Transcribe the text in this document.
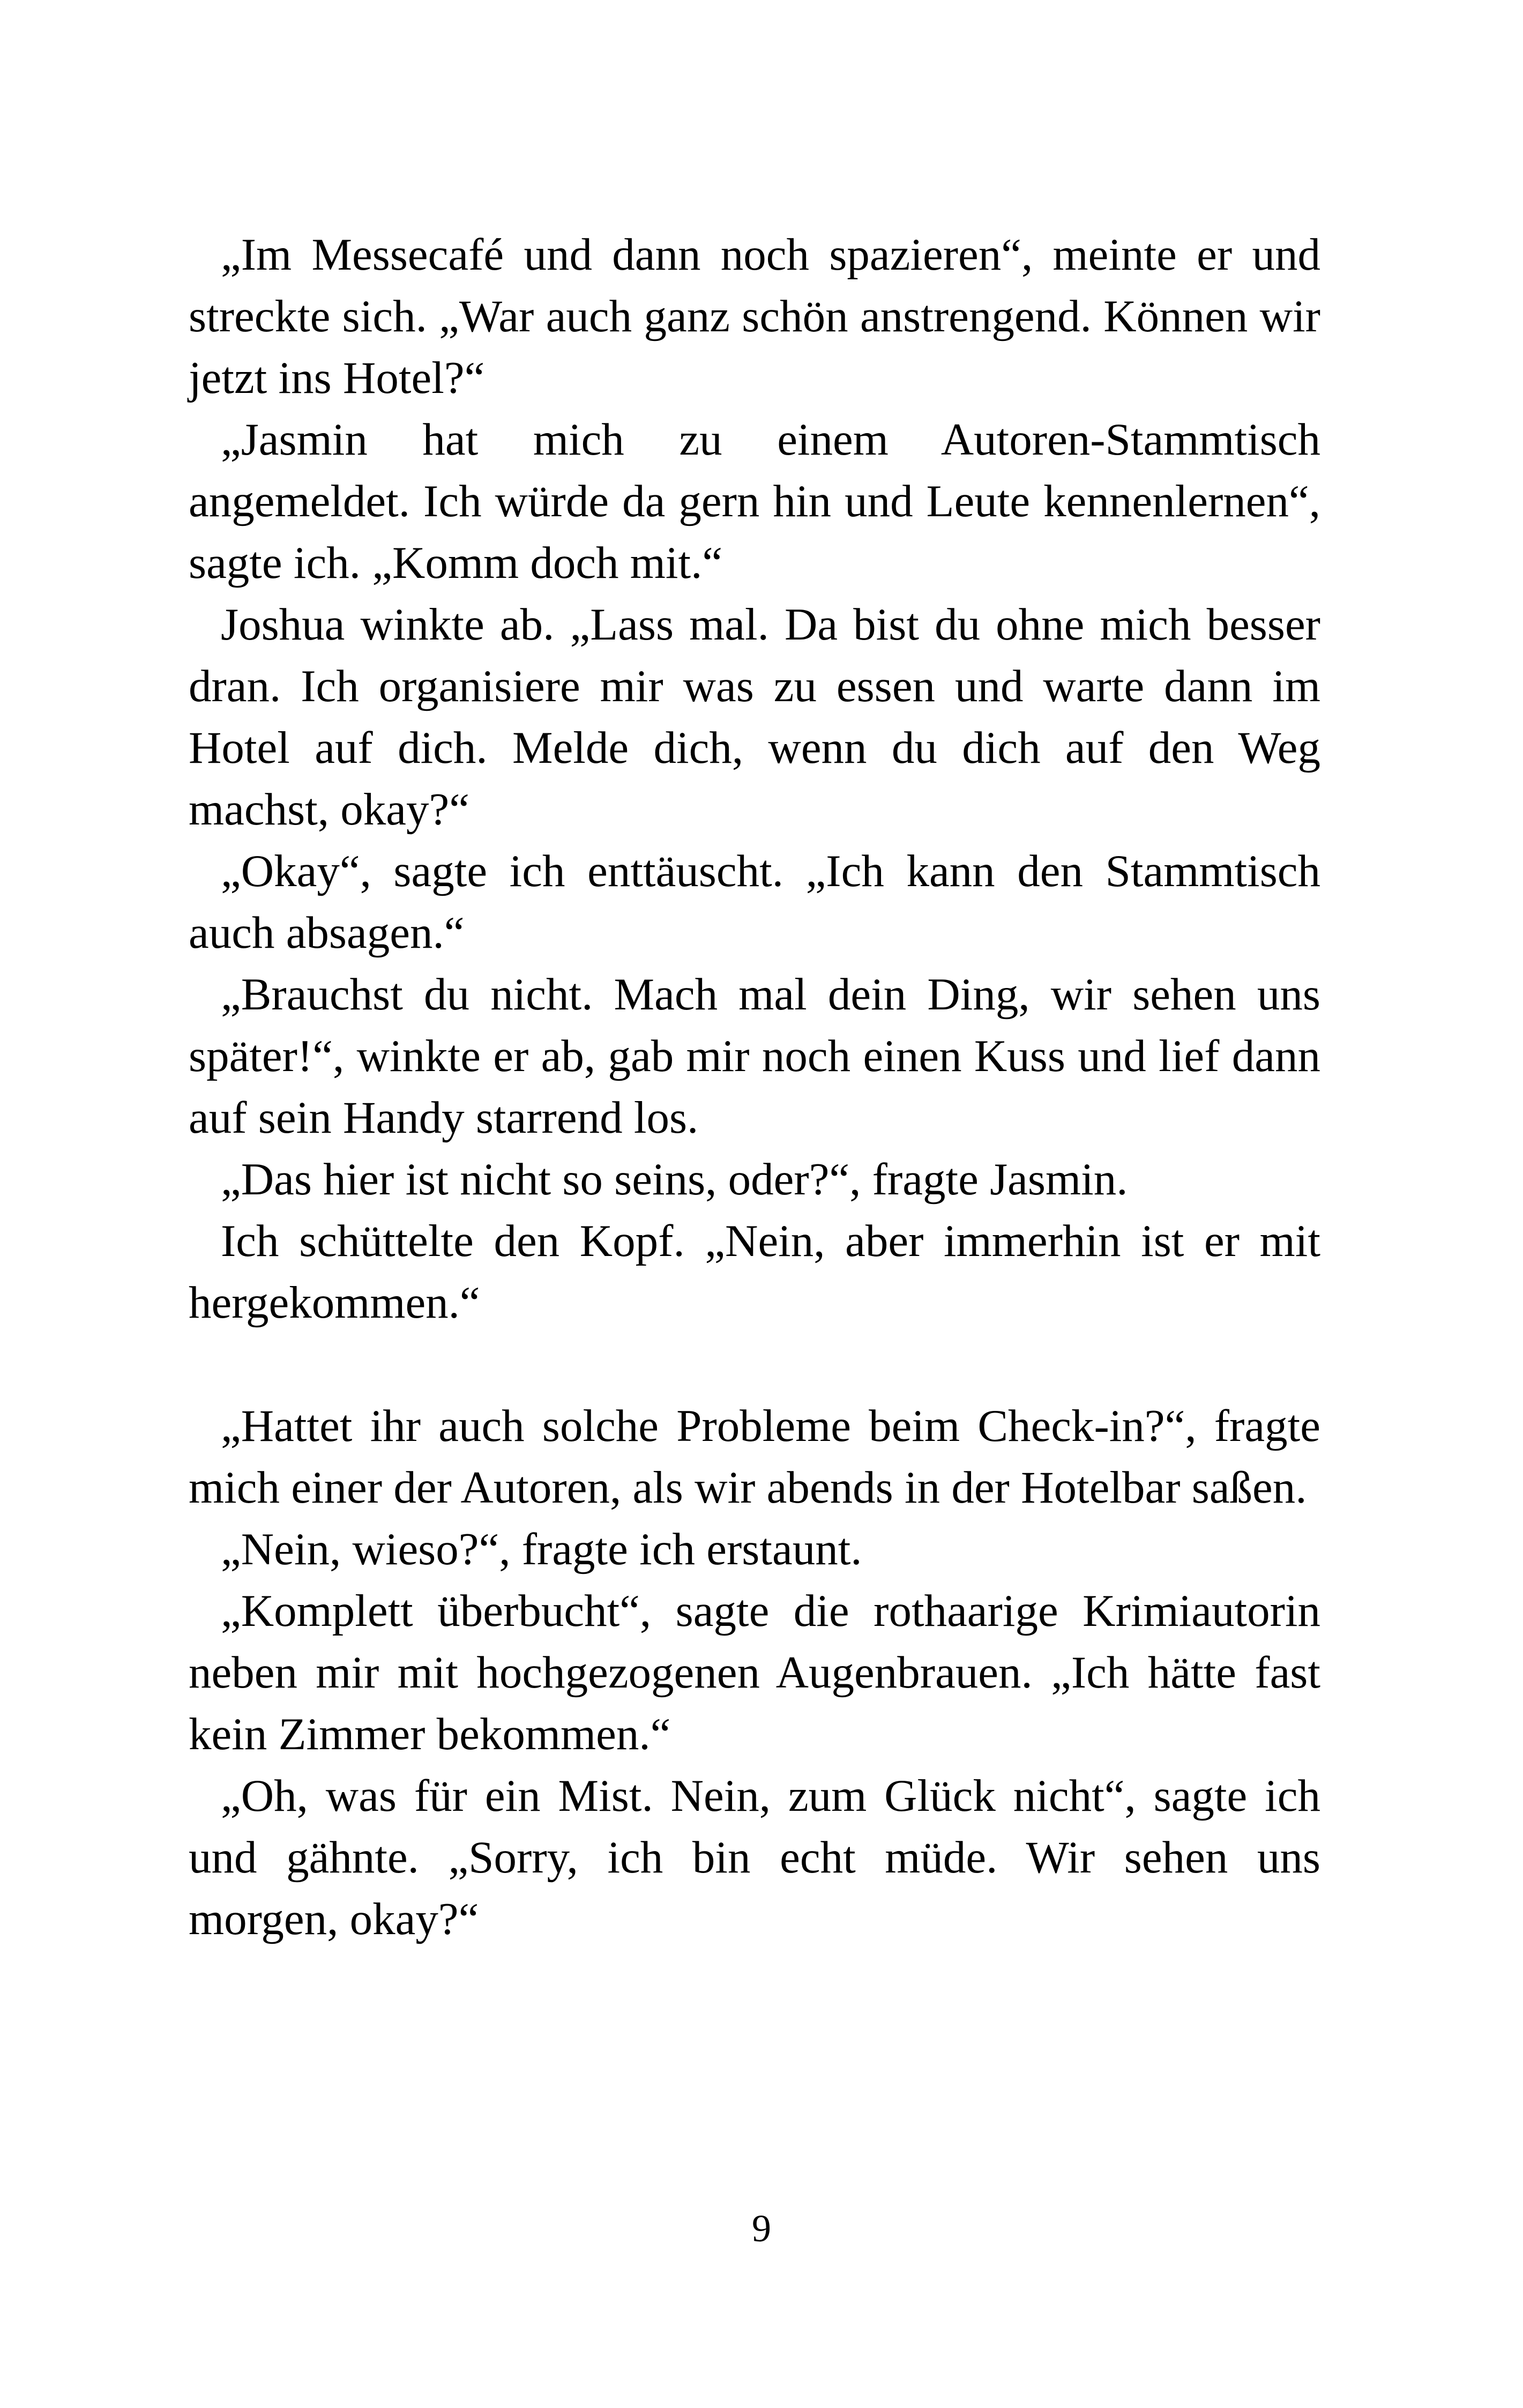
„Im Messecafé und dann noch spazieren“, meinte er und streckte sich. „War auch ganz schön anstrengend. Können wir jetzt ins Hotel?“

„Jasmin hat mich zu einem Autoren-Stammtisch angemeldet. Ich würde da gern hin und Leute kennenlernen“, sagte ich. „Komm doch mit.“

Joshua winkte ab. „Lass mal. Da bist du ohne mich besser dran. Ich organisiere mir was zu essen und warte dann im Hotel auf dich. Melde dich, wenn du dich auf den Weg machst, okay?“

„Okay“, sagte ich enttäuscht. „Ich kann den Stammtisch auch absagen.“

„Brauchst du nicht. Mach mal dein Ding, wir sehen uns später!“, winkte er ab, gab mir noch einen Kuss und lief dann auf sein Handy starrend los.

„Das hier ist nicht so seins, oder?“, fragte Jasmin.

Ich schüttelte den Kopf. „Nein, aber immerhin ist er mit hergekommen.“

„Hattet ihr auch solche Probleme beim Check-in?“, fragte mich einer der Autoren, als wir abends in der Hotelbar saßen.

„Nein, wieso?“, fragte ich erstaunt.

„Komplett überbucht“, sagte die rothaarige Krimiautorin neben mir mit hochgezogenen Augenbrauen. „Ich hätte fast kein Zimmer bekommen.“

„Oh, was für ein Mist. Nein, zum Glück nicht“, sagte ich und gähnte. „Sorry, ich bin echt müde. Wir sehen uns morgen, okay?“

9
